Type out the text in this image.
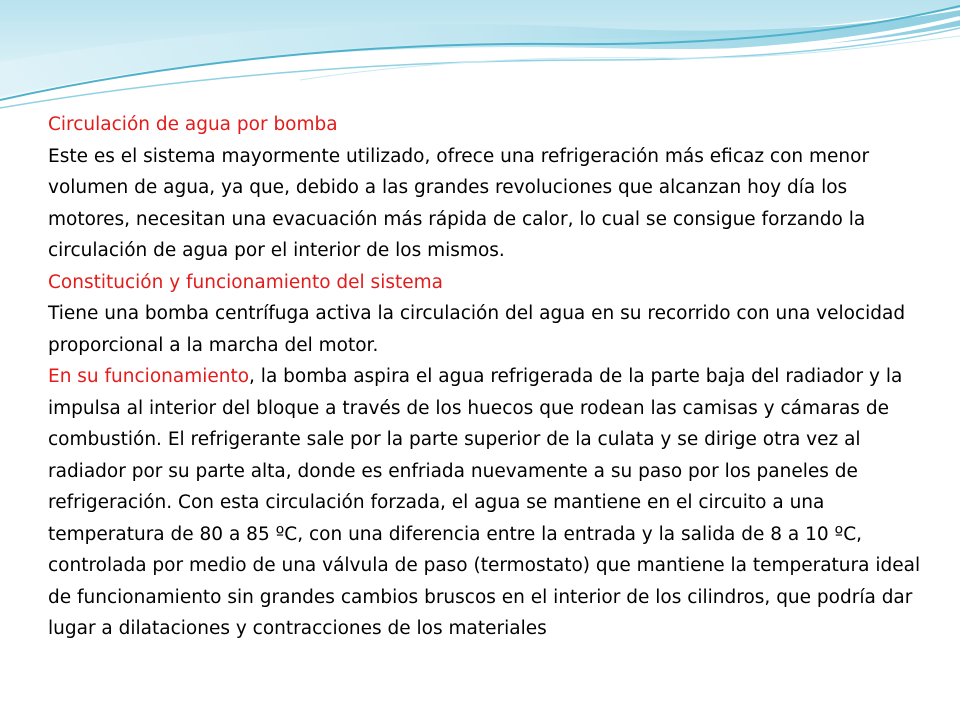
Circulación de agua por bomba

Este es el sistema mayormente utilizado, ofrece una refrigeración más eficaz con menor volumen de agua, ya que, debido a las grandes revoluciones que alcanzan hoy día los motores, necesitan una evacuación más rápida de calor, lo cual se consigue forzando la circulación de agua por el interior de los mismos.

Constitución y funcionamiento del sistema

Tiene una bomba centrífuga activa la circulación del agua en su recorrido con una velocidad proporcional a la marcha del motor.

En su funcionamiento, la bomba aspira el agua refrigerada de la parte baja del radiador y la impulsa al interior del bloque a través de los huecos que rodean las camisas y cámaras de combustión. El refrigerante sale por la parte superior de la culata y se dirige otra vez al radiador por su parte alta, donde es enfriada nuevamente a su paso por los paneles de refrigeración. Con esta circulación forzada, el agua se mantiene en el circuito a una temperatura de 80 a 85 ºC, con una diferencia entre la entrada y la salida de 8 a 10 ºC, controlada por medio de una válvula de paso (termostato) que mantiene la temperatura ideal de funcionamiento sin grandes cambios bruscos en el interior de los cilindros, que podría dar lugar a dilataciones y contracciones de los materiales
